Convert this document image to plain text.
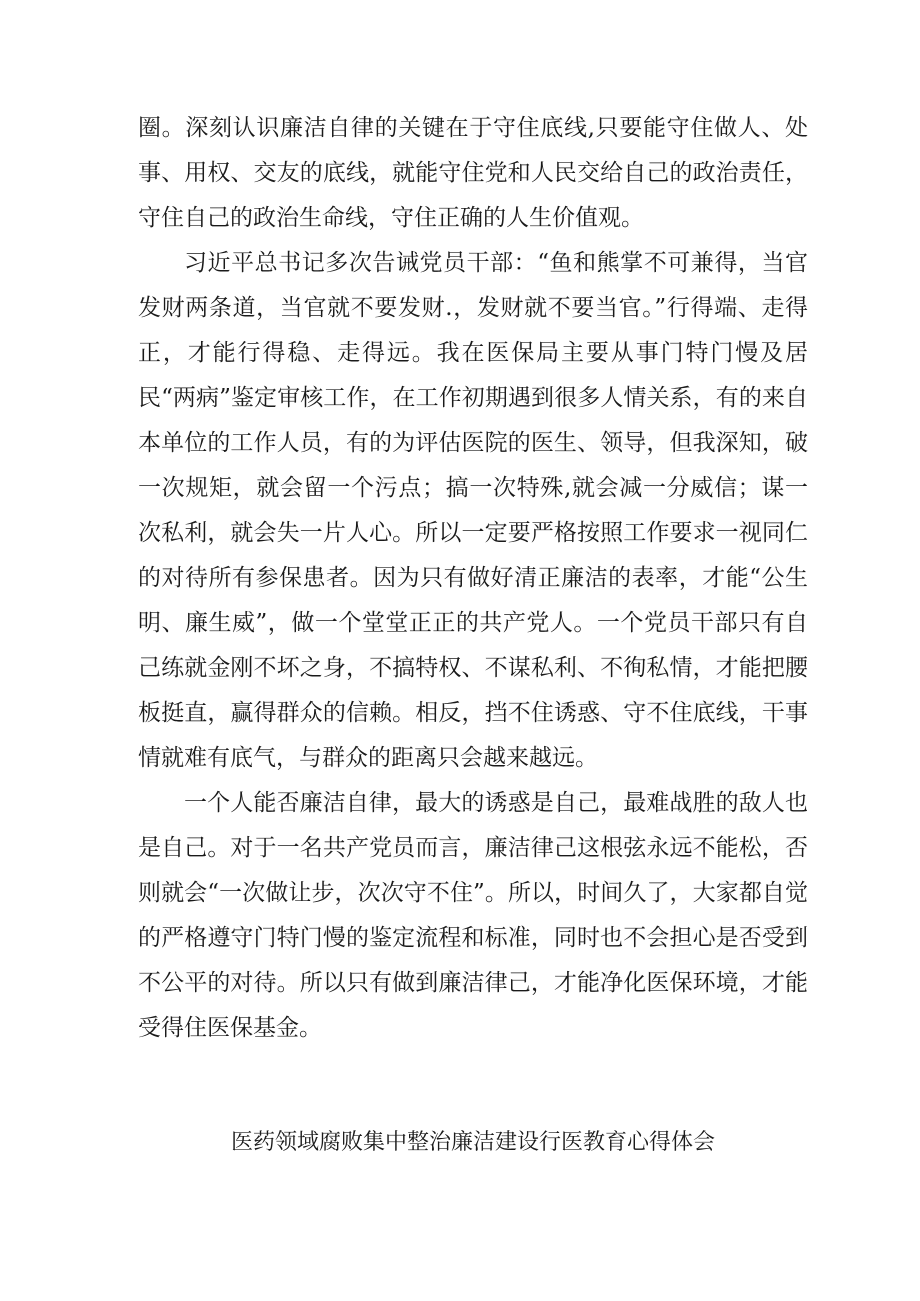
圈。深刻认识廉洁自律的关键在于守住底线,只要能守住做人、处事、用权、交友的底线，就能守住党和人民交给自己的政治责任，守住自己的政治生命线，守住正确的人生价值观。

习近平总书记多次告诫党员干部：“鱼和熊掌不可兼得，当官发财两条道，当官就不要发财.，发财就不要当官。”行得端、走得正，才能行得稳、走得远。我在医保局主要从事门特门慢及居民“两病”鉴定审核工作，在工作初期遇到很多人情关系，有的来自本单位的工作人员，有的为评估医院的医生、领导，但我深知，破一次规矩，就会留一个污点；搞一次特殊,就会减一分威信；谋一次私利，就会失一片人心。所以一定要严格按照工作要求一视同仁的对待所有参保患者。因为只有做好清正廉洁的表率，才能“公生明、廉生威”，做一个堂堂正正的共产党人。一个党员干部只有自己练就金刚不坏之身，不搞特权、不谋私利、不徇私情，才能把腰板挺直，赢得群众的信赖。相反，挡不住诱惑、守不住底线，干事情就难有底气，与群众的距离只会越来越远。

一个人能否廉洁自律，最大的诱惑是自己，最难战胜的敌人也是自己。对于一名共产党员而言，廉洁律己这根弦永远不能松，否则就会“一次做让步，次次守不住”。所以，时间久了，大家都自觉的严格遵守门特门慢的鉴定流程和标准，同时也不会担心是否受到不公平的对待。所以只有做到廉洁律己，才能净化医保环境，才能受得住医保基金。

医药领域腐败集中整治廉洁建设行医教育心得体会
